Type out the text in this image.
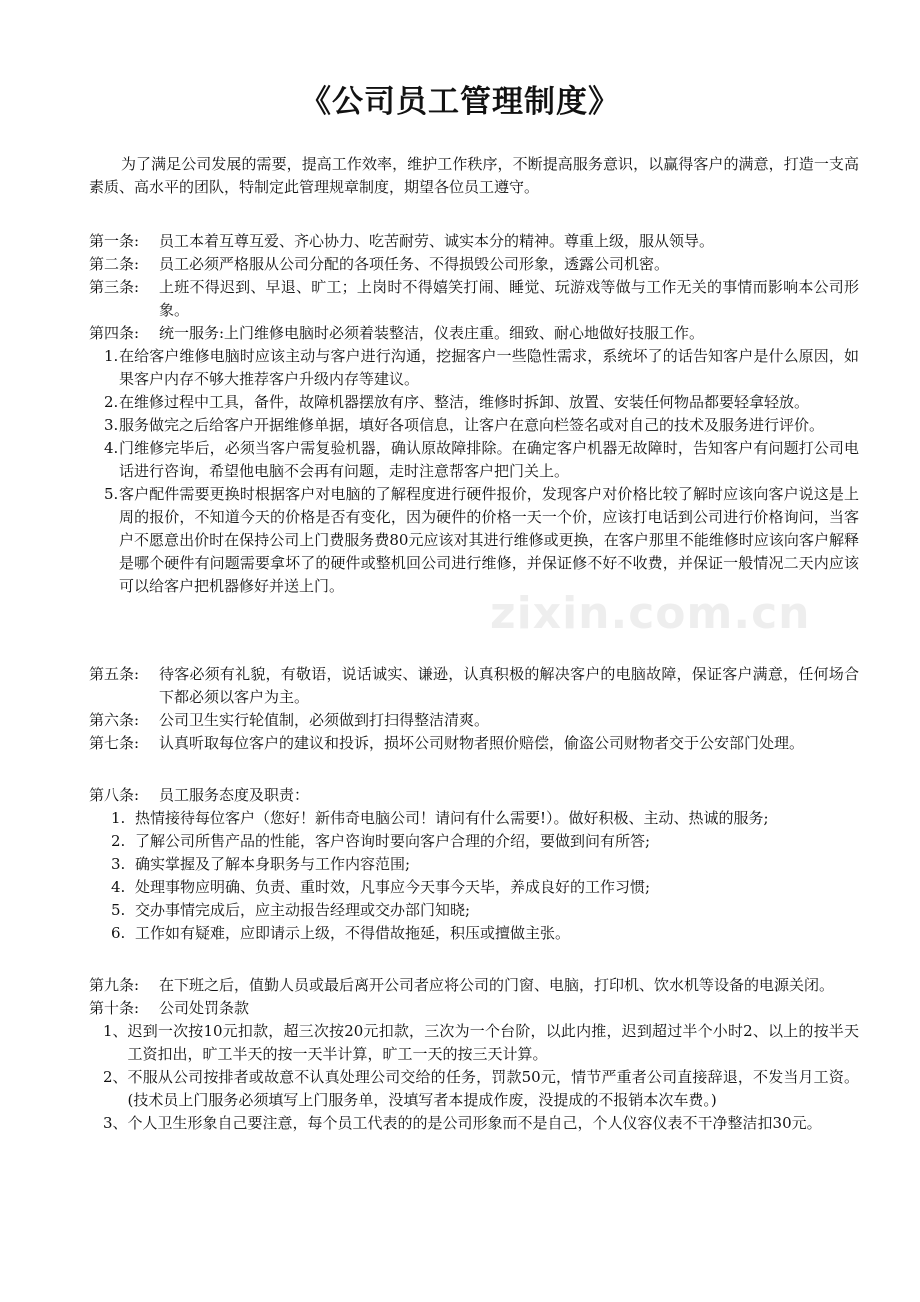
《公司员工管理制度》

为了满足公司发展的需要，提高工作效率，维护工作秩序，不断提高服务意识，以赢得客户的满意，打造一支高素质、高水平的团队，特制定此管理规章制度，期望各位员工遵守。

第一条:	员工本着互尊互爱、齐心协力、吃苦耐劳、诚实本分的精神。尊重上级，服从领导。
第二条:	员工必须严格服从公司分配的各项任务、不得损毁公司形象，透露公司机密。
第三条:	上班不得迟到、早退、旷工；上岗时不得嬉笑打闹、睡觉、玩游戏等做与工作无关的事情而影响本公司形象。
第四条:	统一服务:上门维修电脑时必须着装整洁，仪表庄重。细致、耐心地做好技服工作。
1. 在给客户维修电脑时应该主动与客户进行沟通，挖掘客户一些隐性需求，系统坏了的话告知客户是什么原因，如果客户内存不够大推荐客户升级内存等建议。
2. 在维修过程中工具，备件，故障机器摆放有序、整洁，维修时拆卸、放置、安装任何物品都要轻拿轻放。
3. 服务做完之后给客户开据维修单据，填好各项信息，让客户在意向栏签名或对自己的技术及服务进行评价。
4. 门维修完毕后，必须当客户需复验机器，确认原故障排除。在确定客户机器无故障时，告知客户有问题打公司电话进行咨询，希望他电脑不会再有问题，走时注意帮客户把门关上。
5. 客户配件需要更换时根据客户对电脑的了解程度进行硬件报价，发现客户对价格比较了解时应该向客户说这是上周的报价，不知道今天的价格是否有变化，因为硬件的价格一天一个价，应该打电话到公司进行价格询问，当客户不愿意出价时在保持公司上门费服务费80元应该对其进行维修或更换，在客户那里不能维修时应该向客户解释是哪个硬件有问题需要拿坏了的硬件或整机回公司进行维修，并保证修不好不收费，并保证一般情况二天内应该可以给客户把机器修好并送上门。
第五条:	待客必须有礼貌，有敬语，说话诚实、谦逊，认真积极的解决客户的电脑故障，保证客户满意，任何场合下都必须以客户为主。
第六条:	公司卫生实行轮值制，必须做到打扫得整洁清爽。
第七条:	认真听取每位客户的建议和投诉，损坏公司财物者照价赔偿，偷盗公司财物者交于公安部门处理。
第八条:	员工服务态度及职责：
1. 热情接待每位客户（您好！新伟奇电脑公司！请问有什么需要!）。做好积极、主动、热诚的服务;
2. 了解公司所售产品的性能，客户咨询时要向客户合理的介绍，要做到问有所答;
3. 确实掌握及了解本身职务与工作内容范围;
4. 处理事物应明确、负责、重时效，凡事应今天事今天毕，养成良好的工作习惯;
5. 交办事情完成后，应主动报告经理或交办部门知晓;
6. 工作如有疑难，应即请示上级，不得借故拖延，积压或擅做主张。
第九条:	在下班之后，值勤人员或最后离开公司者应将公司的门窗、电脑，打印机、饮水机等设备的电源关闭。
第十条:	公司处罚条款
1、 迟到一次按10元扣款，超三次按20元扣款，三次为一个台阶，以此内推，迟到超过半个小时2、以上的按半天工资扣出，旷工半天的按一天半计算，旷工一天的按三天计算。
2、 不服从公司按排者或故意不认真处理公司交给的任务，罚款50元，情节严重者公司直接辞退，不发当月工资。(技术员上门服务必须填写上门服务单，没填写者本提成作废，没提成的不报销本次车费。)
3、 个人卫生形象自己要注意，每个员工代表的的是公司形象而不是自己，个人仪容仪表不干净整洁扣30元。
zixin.com.cn
